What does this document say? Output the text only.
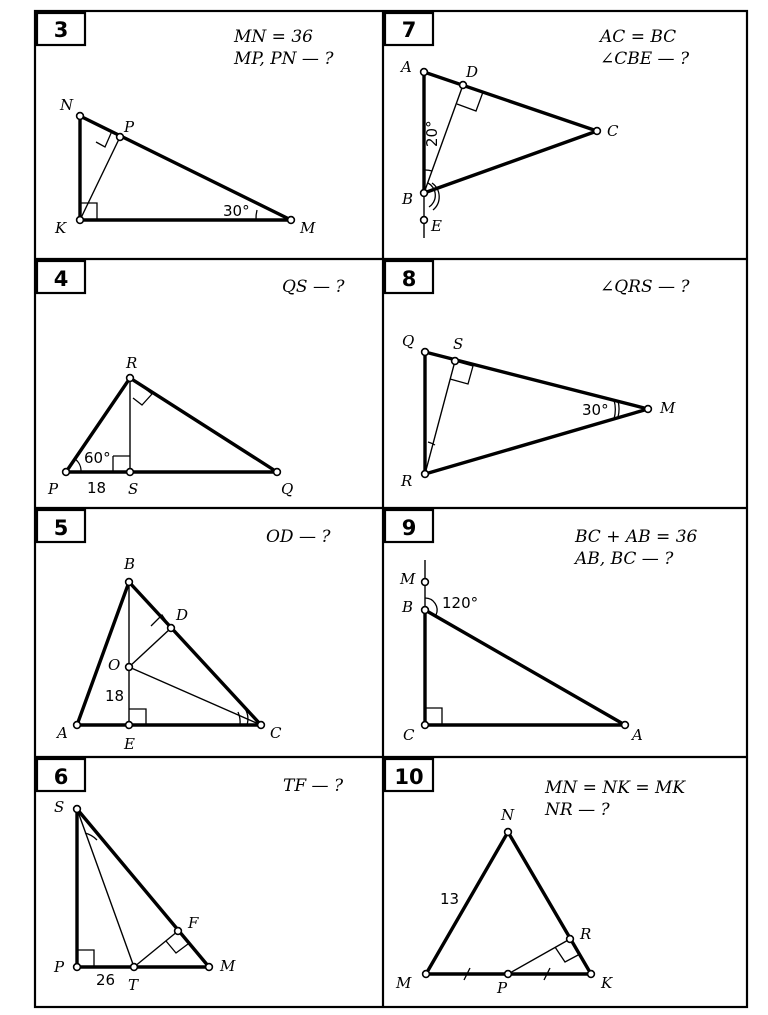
3	MN = 36
MP, PN — ?
N
P
K	M
30°
7	AC = BC
∠CBE — ?
A	D
C
B
E
20°
4	QS — ?
R
P	S	Q
60°
18
8	∠QRS — ?
Q	S
R
M
30°
5	OD — ?
B
D
O
A
E
C
18
9	BC + AB = 36
AB, BC — ?
M
B
C	A
120°
6	TF — ?
S
F
P
T
M
26
10	MN = NK = MK
NR — ?
N
R
M	P	K
13
